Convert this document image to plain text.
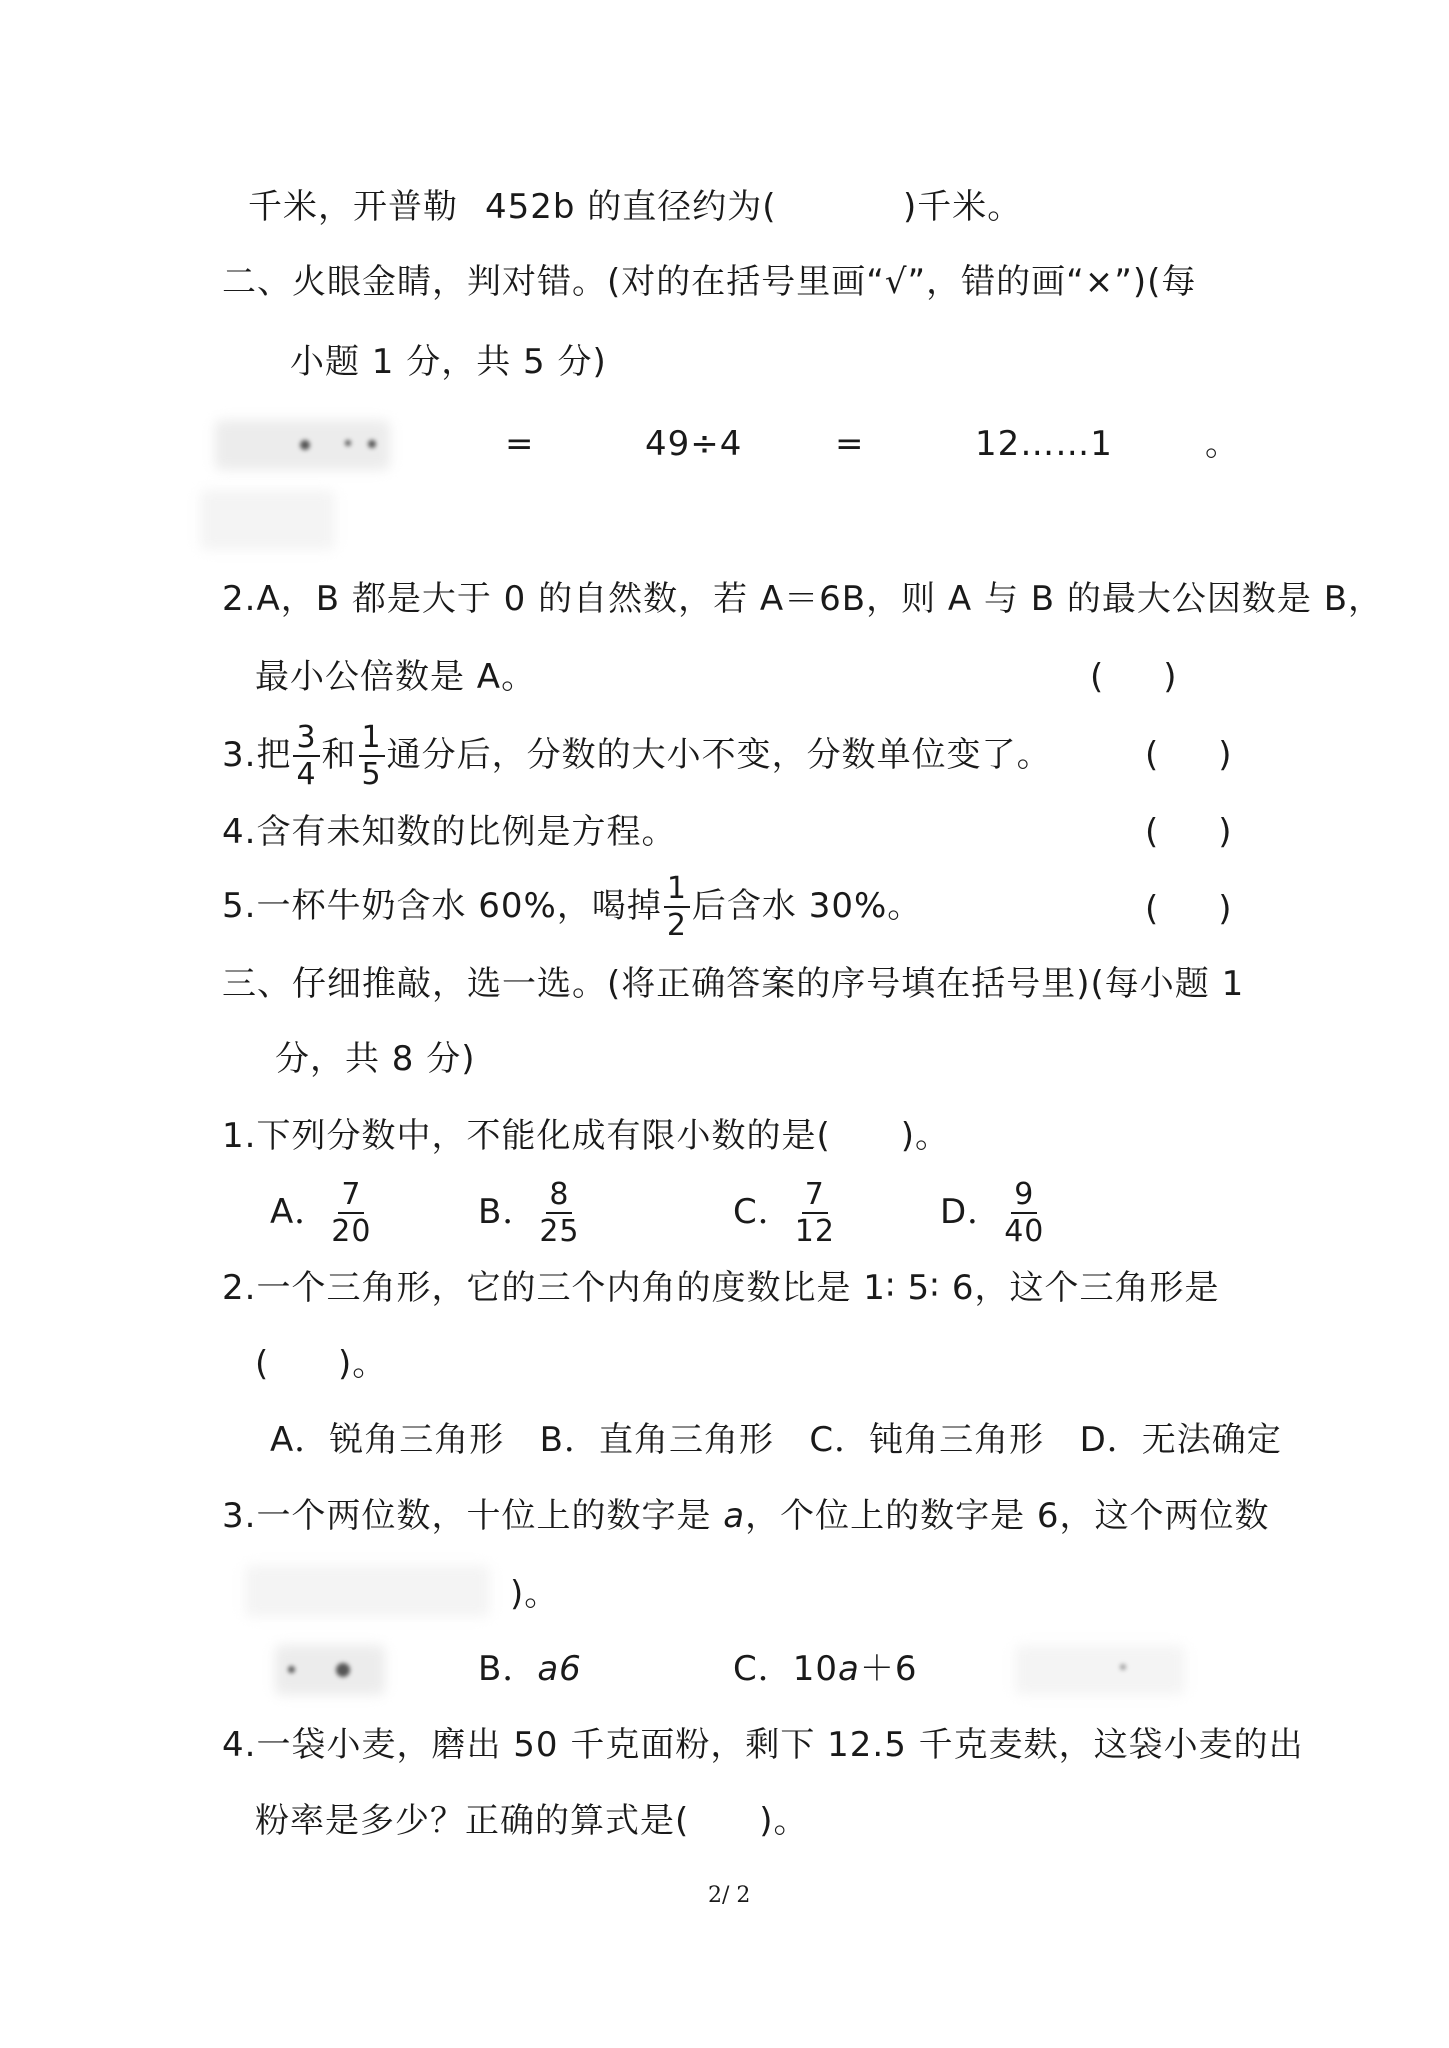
千米，开普勒 452b 的直径约为(	)千米。
二、火眼金睛，判对错。(对的在括号里画“√”，错的画“×”)(每
小题 1 分，共 5 分)
=	49÷4	=	12……1	。
2.A，B 都是大于 0 的自然数，若 A＝6B，则 A 与 B 的最大公因数是 B，
最小公倍数是 A。	()
3.把 $\frac{3}{4}$ 和 $\frac{1}{5}$ 通分后，分数的大小不变，分数单位变了。	()
4.含有未知数的比例是方程。	()
5.一杯牛奶含水 60%，喝掉 $\frac{1}{2}$ 后含水 30%。	()
三、仔细推敲，选一选。(将正确答案的序号填在括号里)(每小题 1
分，共 8 分)
1.下列分数中，不能化成有限小数的是( )。
A． $\frac{7}{20}$	B． $\frac{8}{25}$	C． $\frac{7}{12}$	D． $\frac{9}{40}$
2.一个三角形，它的三个内角的度数比是 1∶ 5∶ 6，这个三角形是
( )。
A．锐角三角形   B．直角三角形   C．钝角三角形   D．无法确定
3.一个两位数，十位上的数字是 a，个位上的数字是 6，这个两位数
)。
B．a6	C．10a＋6
4.一袋小麦，磨出 50 千克面粉，剩下 12.5 千克麦麸，这袋小麦的出
粉率是多少？正确的算式是( )。
2/ 2
